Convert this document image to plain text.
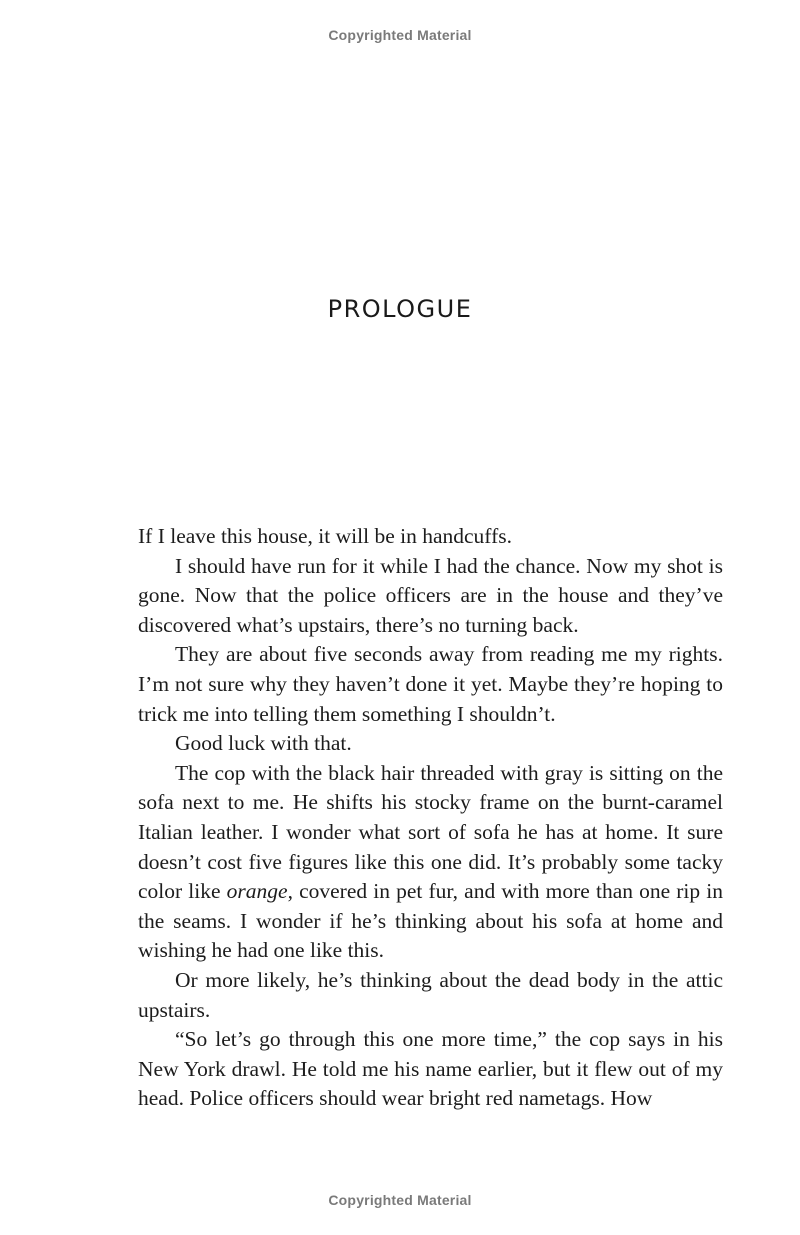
Copyrighted Material
PROLOGUE

If I leave this house, it will be in handcuffs.

I should have run for it while I had the chance. Now my shot is gone. Now that the police officers are in the house and they’ve discovered what’s upstairs, there’s no turning back.

They are about five seconds away from reading me my rights. I’m not sure why they haven’t done it yet. Maybe they’re hoping to trick me into telling them something I shouldn’t.

Good luck with that.

The cop with the black hair threaded with gray is sitting on the sofa next to me. He shifts his stocky frame on the burnt-caramel Italian leather. I wonder what sort of sofa he has at home. It sure doesn’t cost five figures like this one did. It’s probably some tacky color like orange, covered in pet fur, and with more than one rip in the seams. I wonder if he’s thinking about his sofa at home and wishing he had one like this.

Or more likely, he’s thinking about the dead body in the attic upstairs.

“So let’s go through this one more time,” the cop says in his New York drawl. He told me his name earlier, but it flew out of my head. Police officers should wear bright red nametags. How

Copyrighted Material
